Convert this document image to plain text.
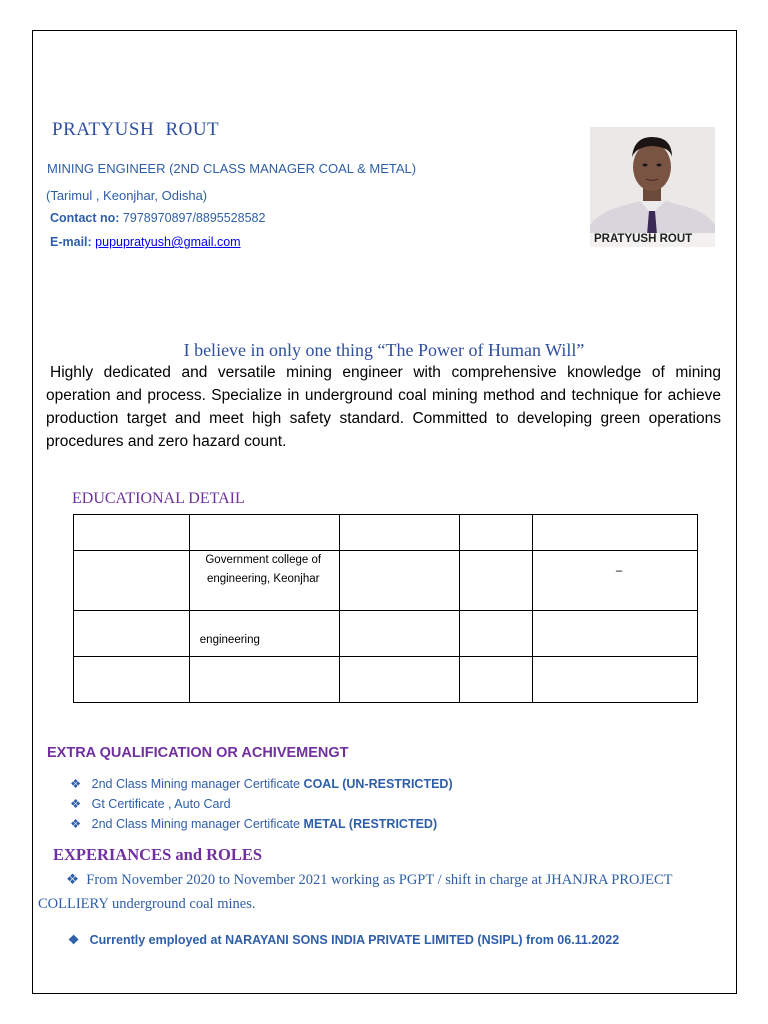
PRATYUSH ROUT
MINING ENGINEER (2ND CLASS MANAGER COAL & METAL)
(Tarimul , Keonjhar, Odisha)
Contact no: 7978970897/8895528582
E-mail: pupupratyush@gmail.com	PRATYUSH ROUT
I believe in only one thing “The Power of Human Will”
Highly dedicated and versatile mining engineer with comprehensive knowledge of mining operation and process. Specialize in underground coal mining method and technique for achieve production target and meet high safety standard. Committed to developing green operations procedures and zero hazard count.
EDUCATIONAL DETAIL

	Government college of engineering, Keonjhar			–
	engineering			

EXTRA QUALIFICATION OR ACHIVEMENGT
❖ 2nd Class Mining manager Certificate COAL (UN-RESTRICTED)
❖ Gt Certificate , Auto Card
❖ 2nd Class Mining manager Certificate METAL (RESTRICTED)
EXPERIANCES and ROLES
❖ From November 2020 to November 2021 working as PGPT / shift in charge at JHANJRA PROJECT COLLIERY underground coal mines.
❖ Currently employed at NARAYANI SONS INDIA PRIVATE LIMITED (NSIPL) from 06.11.2022
